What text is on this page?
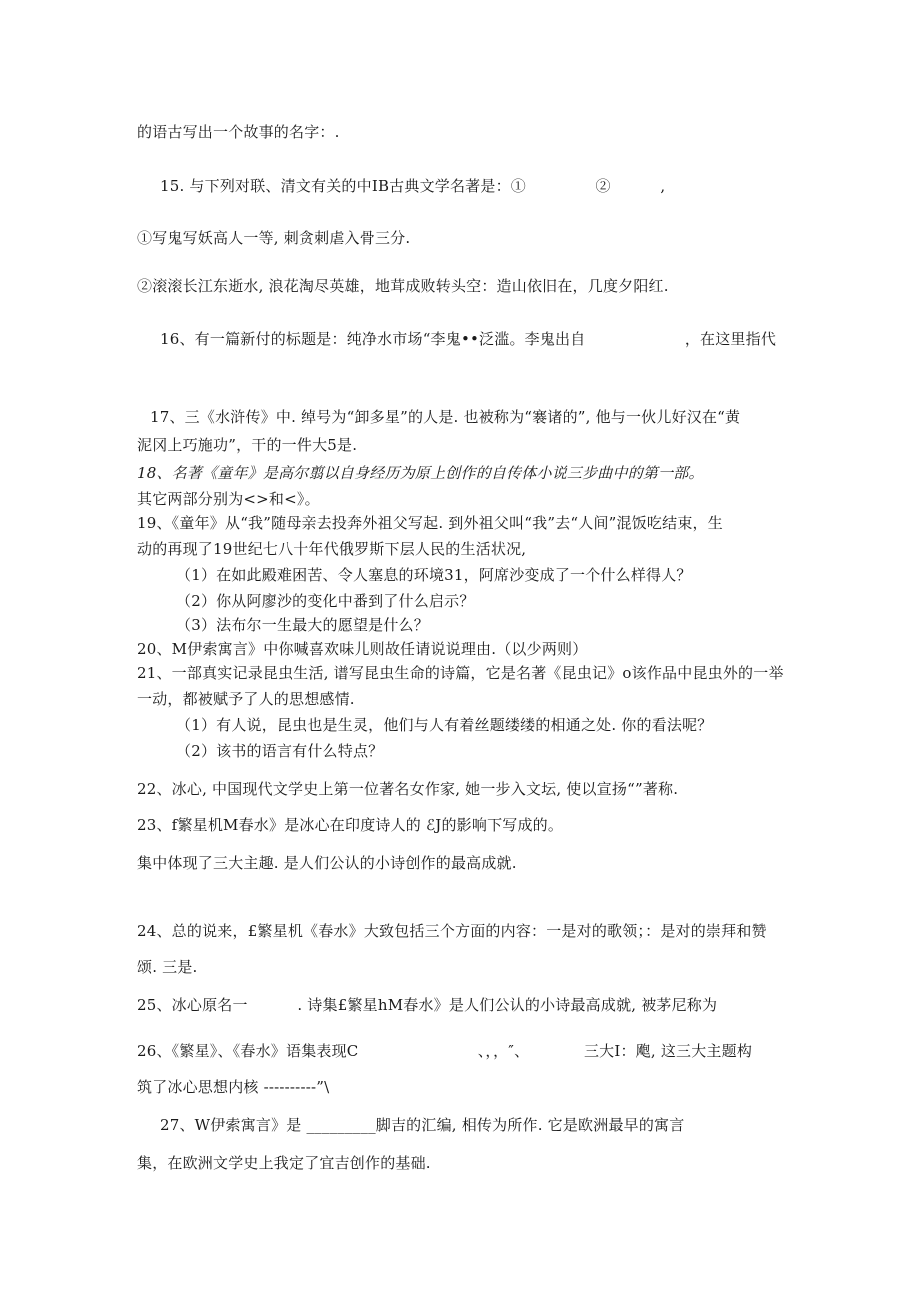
的语古写出一个故事的名字：.
15. 与下列对联、清文有关的中IB古典文学名著是：①              ②          ,
①写鬼写妖高人一等, 刺贪刺虐入骨三分.
②滚滚长江东逝水, 浪花淘尽英雄，地茸成败转头空：造山依旧在，几度夕阳红.
16、有一篇新付的标题是：纯净水市场“李鬼••泛滥。李鬼出自                    ，在这里指代
17、三《水浒传》中. 绰号为“卸多星”的人是. 也被称为“褰诸的”, 他与一伙儿好汉在“黄
泥冈上巧施功”，干的一件大5是.
18、名著《童年》是高尔翦以自身经历为原上创作的自传体小说三步曲中的第一部。
其它两部分别为<>和<》。
19、《童年》从“我”随母亲去投奔外祖父写起. 到外祖父叫“我”去“人间”混饭吃结束，生
动的再现了19世纪七八十年代俄罗斯下层人民的生活状况,
（1）在如此殿难困苦、令人塞息的环境31，阿席沙变成了一个什么样得人？
（2）你从阿廖沙的变化中番到了什么启示？
（3）法布尔一生最大的愿望是什么？
20、M伊索寓言》中你喊喜欢味儿则故任请说说理由.（以少两则）
21、一部真实记录昆虫生活, 谱写昆虫生命的诗篇，它是名著《昆虫记》o该作品中昆虫外的一举
一动，都被赋予了人的思想感情.
（1）有人说，昆虫也是生灵，他们与人有着丝题缕缕的相通之处. 你的看法呢？
（2）该书的语言有什么特点？
22、冰心, 中国现代文学史上第一位著名女作家, 她一步入文坛, 使以宣扬“”著称.
23、f繁星机M春水》是冰心在印度诗人的 ℰJ的影响下写成的。
集中体现了三大主趣. 是人们公认的小诗创作的最高成就.
24、总的说来，£繁星机《春水》大致包括三个方面的内容：一是对的歌领；：是对的崇拜和赞
颂. 三是.
25、冰心原名一          . 诗集£繁星hM春水》是人们公认的小诗最高成就, 被茅尼称为
26、《繁星》、《春水》语集表现C                        、，，″、           三大I：飑, 这三大主题构
筑了冰心思想内核 ----------”\
27、W伊索寓言》是 _________脚吉的汇编, 相传为所作. 它是欧洲最早的寓言
集，在欧洲文学史上我定了宜吉创作的基础.
